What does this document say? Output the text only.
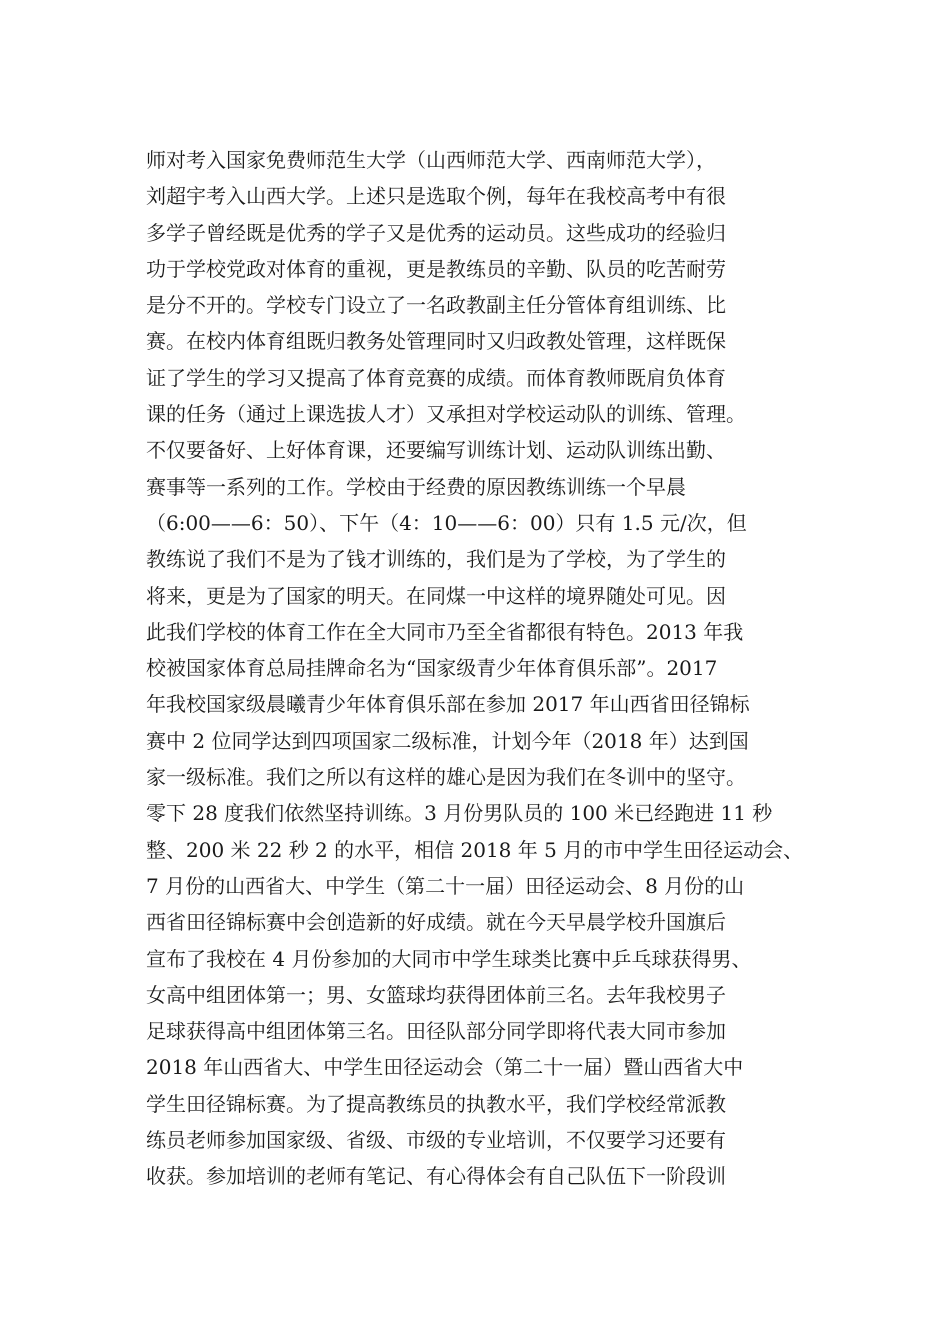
师对考入国家免费师范生大学（山西师范大学、西南师范大学），
刘超宇考入山西大学。上述只是选取个例，每年在我校高考中有很
多学子曾经既是优秀的学子又是优秀的运动员。这些成功的经验归
功于学校党政对体育的重视，更是教练员的辛勤、队员的吃苦耐劳
是分不开的。学校专门设立了一名政教副主任分管体育组训练、比
赛。在校内体育组既归教务处管理同时又归政教处管理，这样既保
证了学生的学习又提高了体育竞赛的成绩。而体育教师既肩负体育
课的任务（通过上课选拔人才）又承担对学校运动队的训练、管理。
不仅要备好、上好体育课，还要编写训练计划、运动队训练出勤、
赛事等一系列的工作。学校由于经费的原因教练训练一个早晨
（6:00——6：50）、下午（4：10——6：00）只有 1.5 元/次，但
教练说了我们不是为了钱才训练的，我们是为了学校，为了学生的
将来，更是为了国家的明天。在同煤一中这样的境界随处可见。因
此我们学校的体育工作在全大同市乃至全省都很有特色。2013 年我
校被国家体育总局挂牌命名为“国家级青少年体育俱乐部”。2017
年我校国家级晨曦青少年体育俱乐部在参加 2017 年山西省田径锦标
赛中 2 位同学达到四项国家二级标准，计划今年（2018 年）达到国
家一级标准。我们之所以有这样的雄心是因为我们在冬训中的坚守。
零下 28 度我们依然坚持训练。3 月份男队员的 100 米已经跑进 11 秒
整、200 米 22 秒 2 的水平，相信 2018 年 5 月的市中学生田径运动会、
7 月份的山西省大、中学生（第二十一届）田径运动会、8 月份的山
西省田径锦标赛中会创造新的好成绩。就在今天早晨学校升国旗后
宣布了我校在 4 月份参加的大同市中学生球类比赛中乒乓球获得男、
女高中组团体第一；男、女篮球均获得团体前三名。去年我校男子
足球获得高中组团体第三名。田径队部分同学即将代表大同市参加
2018 年山西省大、中学生田径运动会（第二十一届）暨山西省大中
学生田径锦标赛。为了提高教练员的执教水平，我们学校经常派教
练员老师参加国家级、省级、市级的专业培训，不仅要学习还要有
收获。参加培训的老师有笔记、有心得体会有自己队伍下一阶段训
